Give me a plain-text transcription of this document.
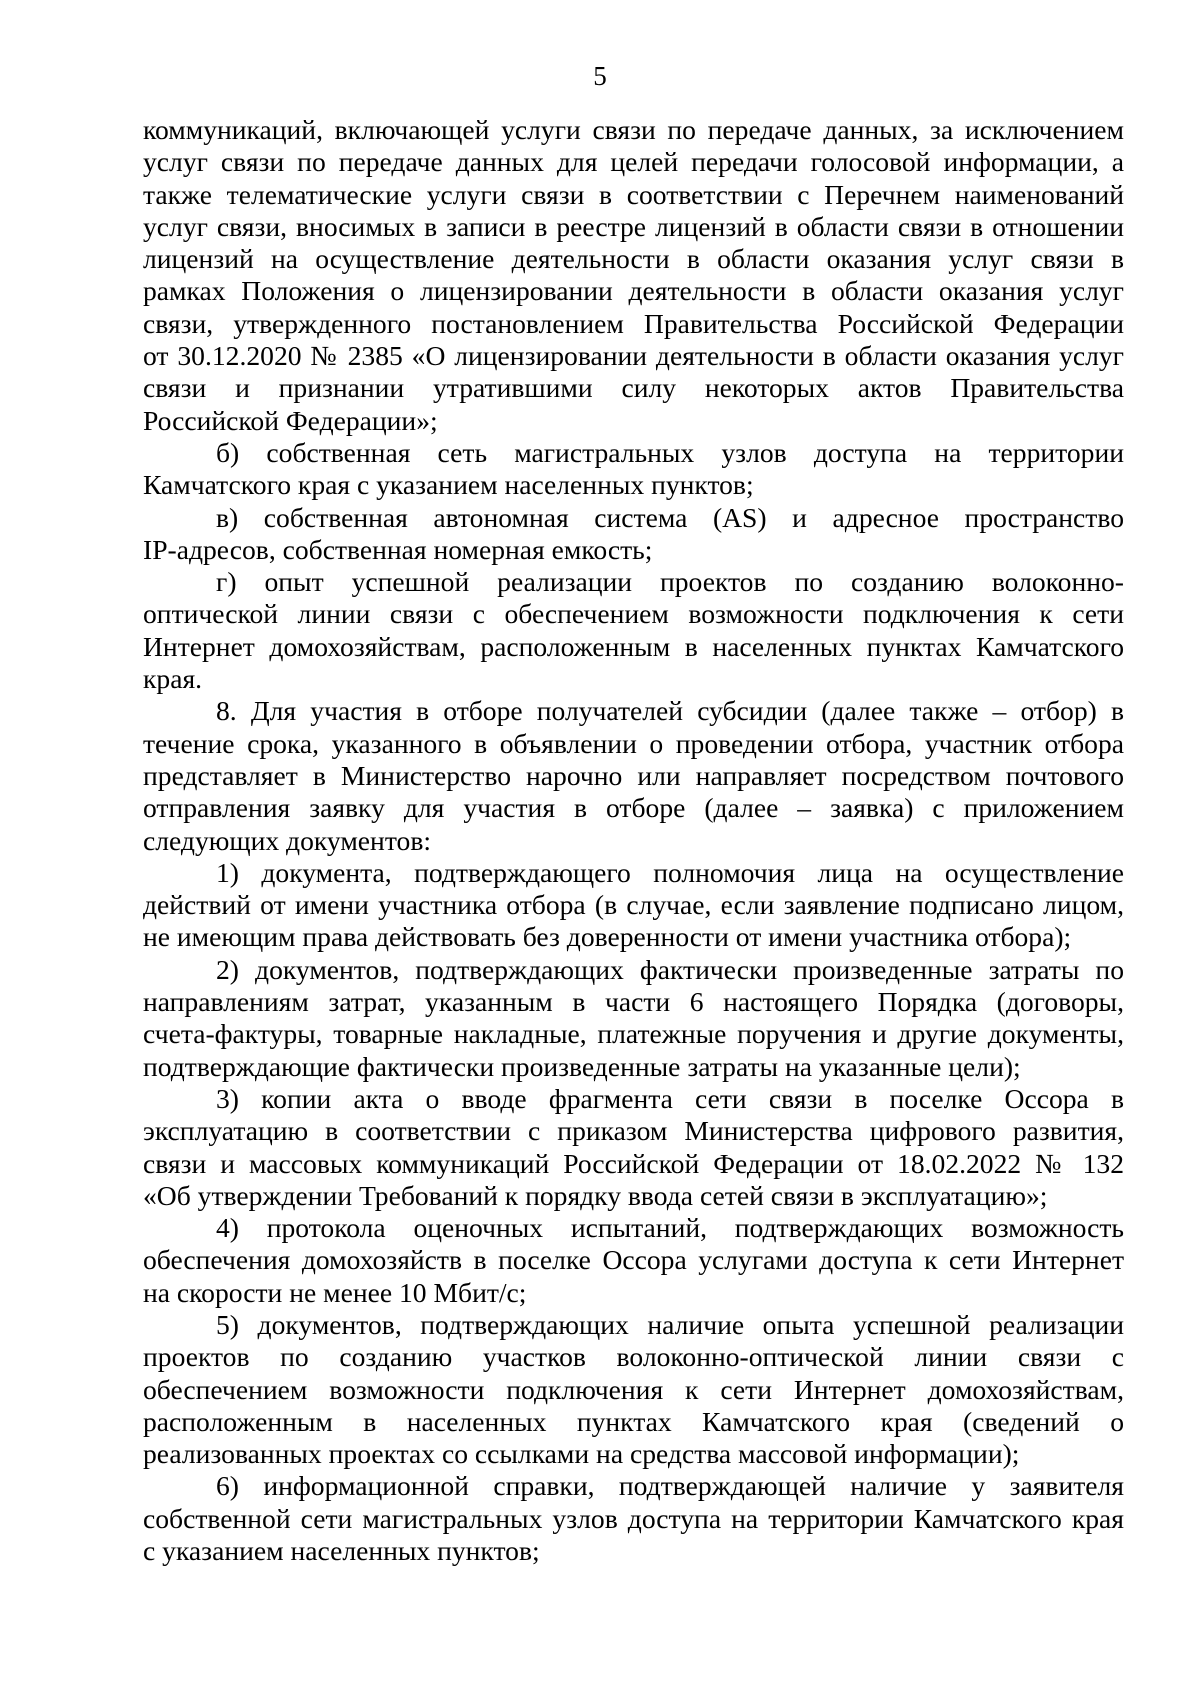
5

коммуникаций, включающей услуги связи по передаче данных, за исключением

услуг связи по передаче данных для целей передачи голосовой информации, а

также телематические услуги связи в соответствии с Перечнем наименований

услуг связи, вносимых в записи в реестре лицензий в области связи в отношении

лицензий на осуществление деятельности в области оказания услуг связи в

рамках Положения о лицензировании деятельности в области оказания услуг

связи, утвержденного постановлением Правительства Российской Федерации

от 30.12.2020 № 2385 «О лицензировании деятельности в области оказания услуг

связи и признании утратившими силу некоторых актов Правительства

Российской Федерации»;

б) собственная сеть магистральных узлов доступа на территории

Камчатского края с указанием населенных пунктов;

в) собственная автономная система (AS) и адресное пространство

IP-адресов, собственная номерная емкость;

г) опыт успешной реализации проектов по созданию волоконно-

оптической линии связи с обеспечением возможности подключения к сети

Интернет домохозяйствам, расположенным в населенных пунктах Камчатского

края.

8. Для участия в отборе получателей субсидии (далее также – отбор) в

течение срока, указанного в объявлении о проведении отбора, участник отбора

представляет в Министерство нарочно или направляет посредством почтового

отправления заявку для участия в отборе (далее – заявка) с приложением

следующих документов:

1) документа, подтверждающего полномочия лица на осуществление

действий от имени участника отбора (в случае, если заявление подписано лицом,

не имеющим права действовать без доверенности от имени участника отбора);

2) документов, подтверждающих фактически произведенные затраты по

направлениям затрат, указанным в части 6 настоящего Порядка (договоры,

счета-фактуры, товарные накладные, платежные поручения и другие документы,

подтверждающие фактически произведенные затраты на указанные цели);

3) копии акта о вводе фрагмента сети связи в поселке Оссора в

эксплуатацию в соответствии с приказом Министерства цифрового развития,

связи и массовых коммуникаций Российской Федерации от 18.02.2022 № 132

«Об утверждении Требований к порядку ввода сетей связи в эксплуатацию»;

4) протокола оценочных испытаний, подтверждающих возможность

обеспечения домохозяйств в поселке Оссора услугами доступа к сети Интернет

на скорости не менее 10 Мбит/с;

5) документов, подтверждающих наличие опыта успешной реализации

проектов по созданию участков волоконно-оптической линии связи с

обеспечением возможности подключения к сети Интернет домохозяйствам,

расположенным в населенных пунктах Камчатского края (сведений о

реализованных проектах со ссылками на средства массовой информации);

6) информационной справки, подтверждающей наличие у заявителя

собственной сети магистральных узлов доступа на территории Камчатского края

с указанием населенных пунктов;
